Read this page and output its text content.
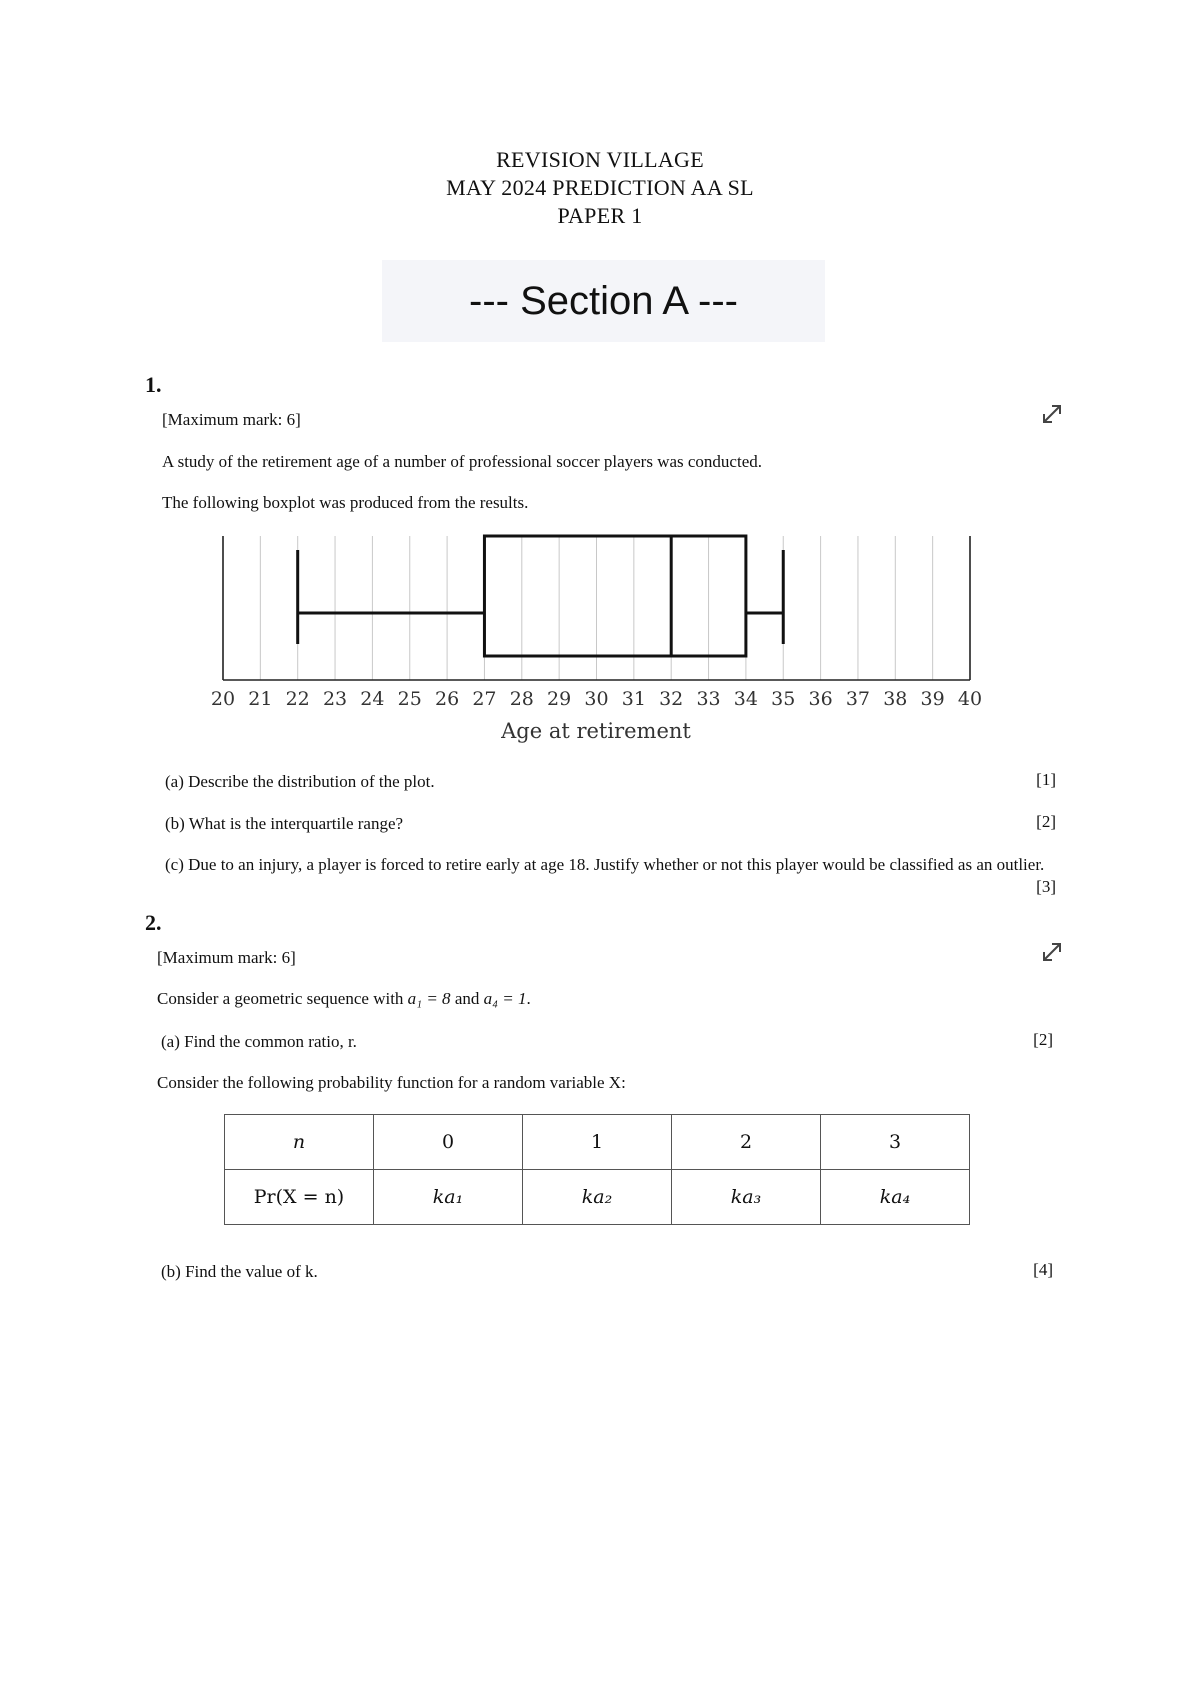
REVISION VILLAGE
MAY 2024 PREDICTION AA SL
PAPER 1
--- Section A ---
1.
[Maximum mark: 6]
A study of the retirement age of a number of professional soccer players was conducted.
The following boxplot was produced from the results.
20 21 22 23 24 25 26 27 28 29 30 31 32 33 34 35 36 37 38 39 40
Age at retirement
(a) Describe the distribution of the plot.	[1]
(b) What is the interquartile range?	[2]
(c) Due to an injury, a player is forced to retire early at age 18. Justify whether or not this player would be classified as an outlier.
[3]
2.
[Maximum mark: 6]
Consider a geometric sequence with a₁ = 8 and a₄ = 1.
(a) Find the common ratio, r.	[2]
Consider the following probability function for a random variable X:
n	0	1	2	3
Pr(X = n)	ka₁	ka₂	ka₃	ka₄
(b) Find the value of k.	[4]
